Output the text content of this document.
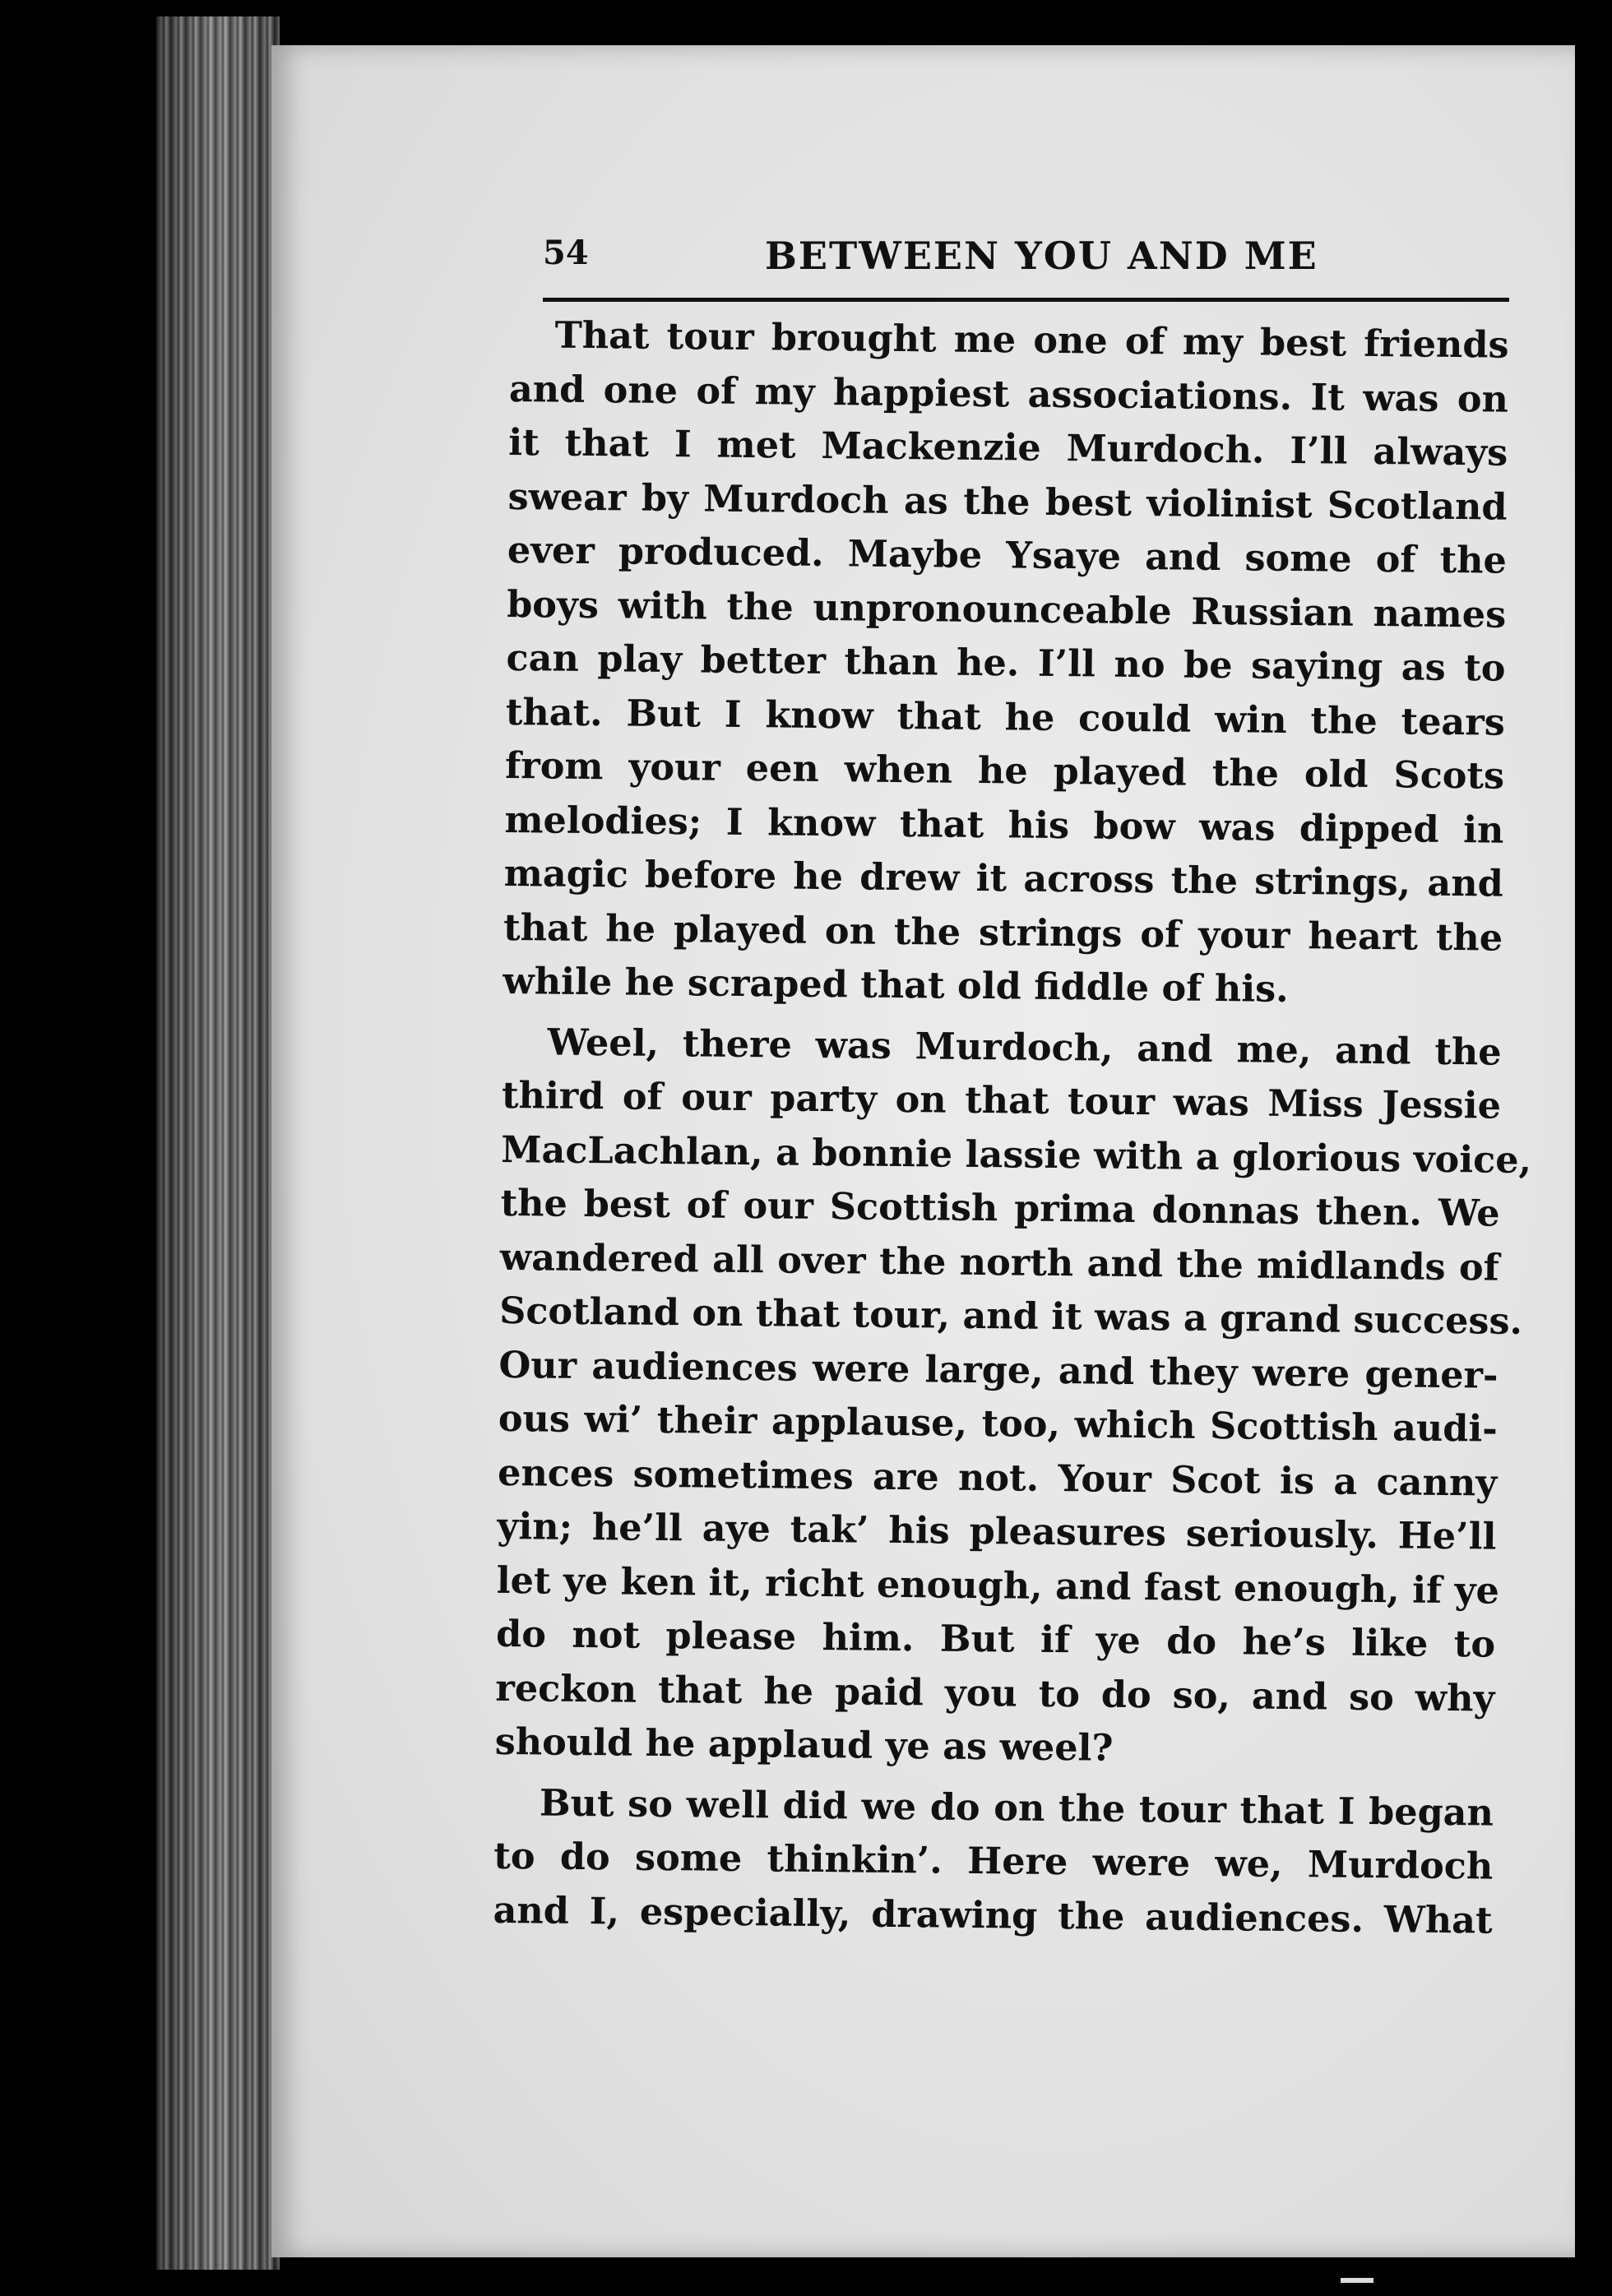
54	BETWEEN YOU AND ME
That tour brought me one of my best friends
and one of my happiest associations. It was on
it that I met Mackenzie Murdoch. I’ll always
swear by Murdoch as the best violinist Scotland
ever produced. Maybe Ysaye and some of the
boys with the unpronounceable Russian names
can play better than he. I’ll no be saying as to
that. But I know that he could win the tears
from your een when he played the old Scots
melodies; I know that his bow was dipped in
magic before he drew it across the strings, and
that he played on the strings of your heart the
while he scraped that old fiddle of his.
Weel, there was Murdoch, and me, and the
third of our party on that tour was Miss Jessie
MacLachlan, a bonnie lassie with a glorious voice,
the best of our Scottish prima donnas then. We
wandered all over the north and the midlands of
Scotland on that tour, and it was a grand success.
Our audiences were large, and they were gener-
ous wi’ their applause, too, which Scottish audi-
ences sometimes are not. Your Scot is a canny
yin; he’ll aye tak’ his pleasures seriously. He’ll
let ye ken it, richt enough, and fast enough, if ye
do not please him. But if ye do he’s like to
reckon that he paid you to do so, and so why
should he applaud ye as weel?
But so well did we do on the tour that I began
to do some thinkin’. Here were we, Murdoch
and I, especially, drawing the audiences. What
